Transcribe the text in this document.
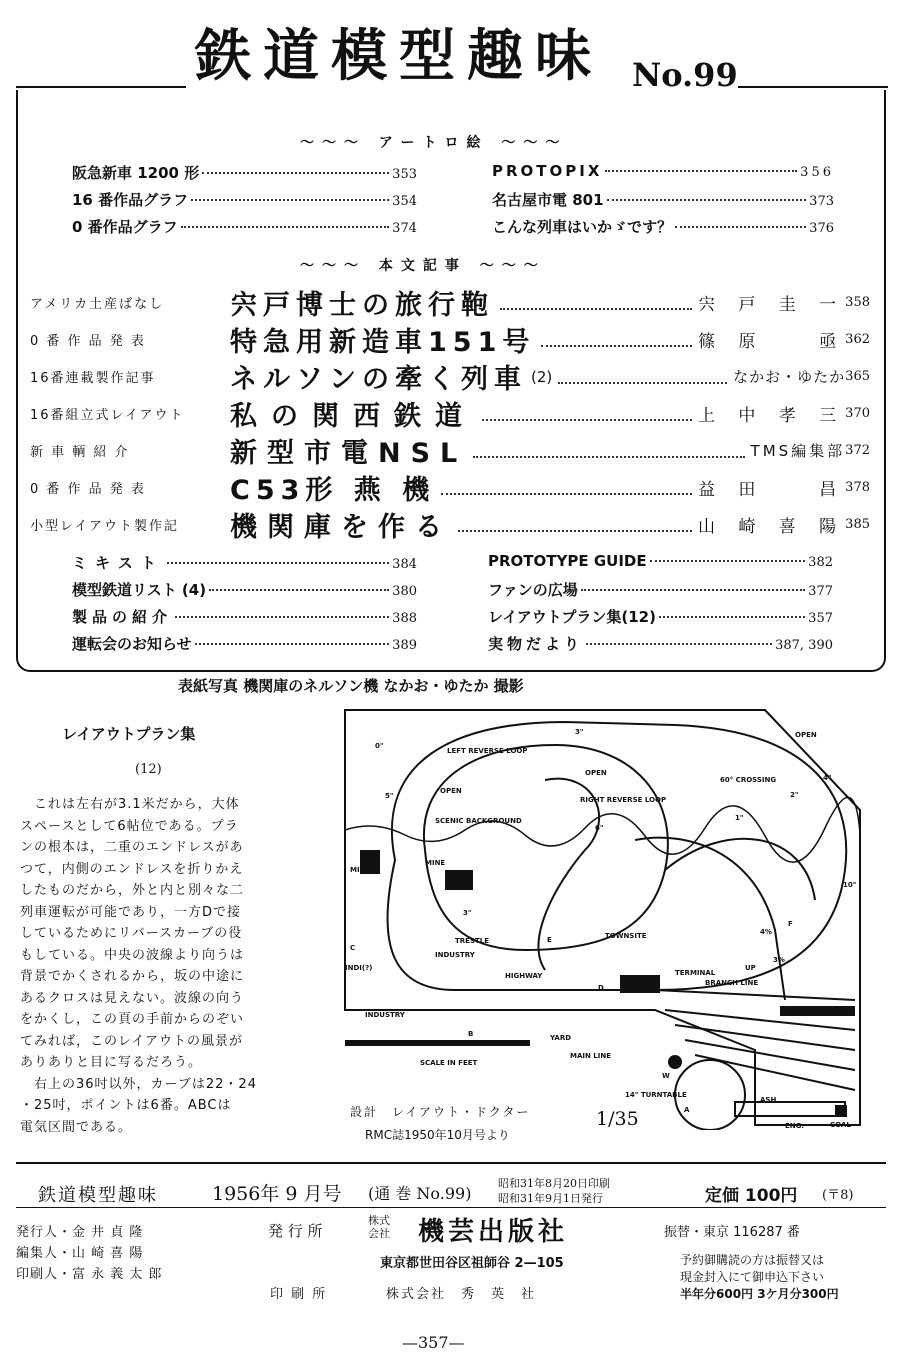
鉄道模型趣味 No.99
〜〜〜 アートロ絵 〜〜〜
阪急新車 1200 形	353
16 番作品グラフ	354
0 番作品グラフ	374
PROTOPIX	356
名古屋市電 801	373
こんな列車はいかゞです？	376
〜〜〜 本文記事 〜〜〜
アメリカ土産ばなし	宍戸博士の旅行鞄	宍 戸 圭 一 358
0 番 作 品 発 表	特急用新造車151号	篠 原 　 亟 362
16番連載製作記事	ネルソンの牽く列車 (2)	なかお・ゆたか 365
16番組立式レイアウト	私の関西鉄道	上 中 孝 三 370
新 車 輌 紹 介	新型市電NSL	TMS編集部 372
0 番 作 品 発 表	C53形 燕 機	益 田 　 昌 378
小型レイアウト製作記	機関庫を作る	山 崎 喜 陽 385
ミキスト	384
模型鉄道リスト (4)	380
製品の紹介	388
運転会のお知らせ	389
PROTOTYPE GUIDE	382
ファンの広場	377
レイアウトプラン集(12)	357
実物だより	387, 390
表紙写真 機関庫のネルソン機 なかお・ゆたか 撮影
レイアウトプラン集
(12)
これは左右が3.1米だから，大体
スペースとして6帖位である。プラ
ンの根本は，二重のエンドレスがあ
つて，内側のエンドレスを折りかえ
したものだから，外と内と別々な二
列車運転が可能であり，一方Dで接
しているためにリバースカーブの役
もしている。中央の波線より向うは
背景でかくされるから，坂の中途に
あるクロスは見えない。波線の向う
をかくし，この頁の手前からのぞい
てみれば，このレイアウトの風景が
ありありと目に写るだろう。
右上の36吋以外，カーブは22・24
・25吋，ポイントは6番。ABCは
電気区間である。
OPEN
LEFT REVERSE LOOP
OPEN
OPEN
SCENIC BACKGROUND
RIGHT REVERSE LOOP
60° CROSSING
MINE
MINE
TRESTLE
INDUSTRY
INDI(?)
TOWNSITE
TERMINAL
BRANCH LINE
HIGHWAY
INDUSTRY
YARD
MAIN LINE
SCALE IN FEET
14" TURNTABLE
ASH
ENG.	COAL
UP
4%
3%
3"
2"
1"
0"
5"
10"
C
E
D
B
F
A
W
3"
6"
4"
1/35
設計　レイアウト・ドクター
RMC誌1950年10月号より
鉄道模型趣味	1956年 9 月号 (通 巻 No.99)
昭和31年8月20日印刷
昭和31年9月1日発行	定価 100円 (〒8)
発行人・金 井 貞 隆
編集人・山 崎 喜 陽
印刷人・富 永 義 太 郎
発 行 所
株式会社 機芸出版社	振替・東京 116287 番
東京都世田谷区祖師谷 2—105
印 刷 所	株式会社　秀　英　社
予約御購読の方は振替又は
現金封入にて御申込下さい
半年分600円 3ケ月分300円
—357—
